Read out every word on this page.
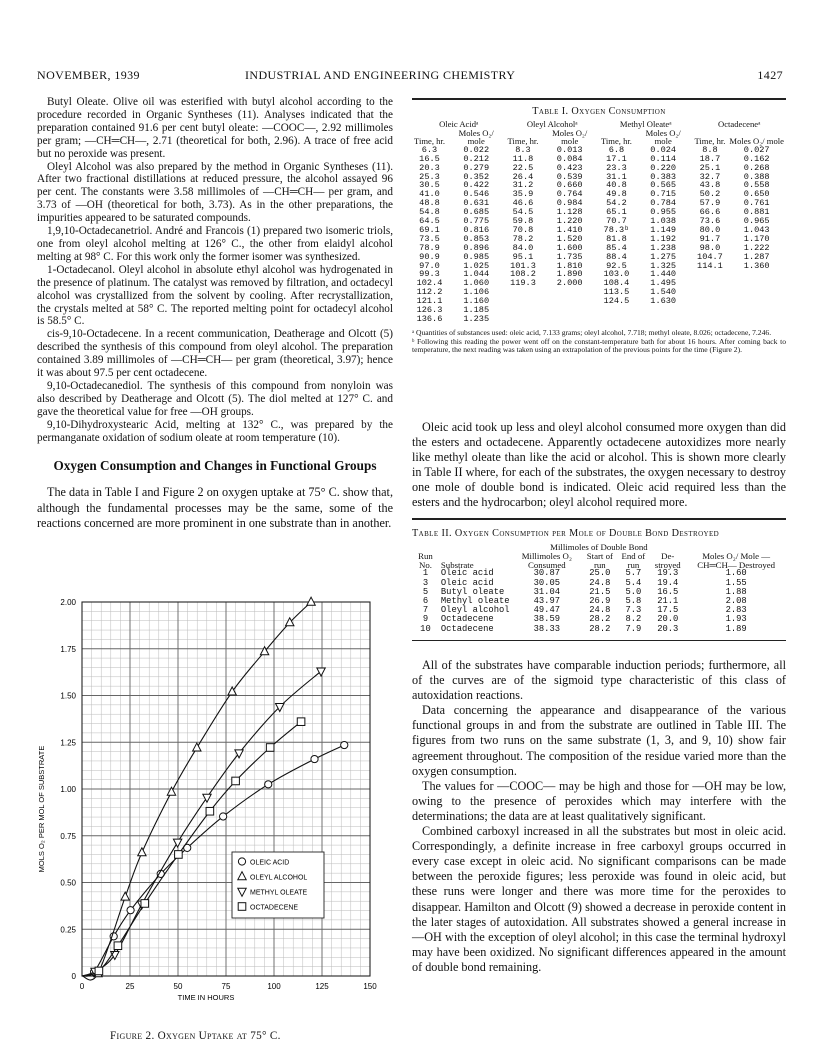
NOVEMBER, 1939	INDUSTRIAL AND ENGINEERING CHEMISTRY	1427

Butyl Oleate. Olive oil was esterified with butyl alcohol according to the procedure recorded in Organic Syntheses (11). Analyses indicated that the preparation contained 91.6 per cent butyl oleate: —COOC—, 2.92 millimoles per gram; —CH═CH—, 2.71 (theoretical for both, 2.96). A trace of free acid but no peroxide was present.

Oleyl Alcohol was also prepared by the method in Organic Syntheses (11). After two fractional distillations at reduced pressure, the alcohol assayed 96 per cent. The constants were 3.58 millimoles of —CH═CH— per gram, and 3.73 of —OH (theoretical for both, 3.73). As in the other preparations, the impurities appeared to be saturated compounds.

1,9,10-Octadecanetriol. André and Francois (1) prepared two isomeric triols, one from oleyl alcohol melting at 126° C., the other from elaidyl alcohol melting at 98° C. For this work only the former isomer was synthesized.

1-Octadecanol. Oleyl alcohol in absolute ethyl alcohol was hydrogenated in the presence of platinum. The catalyst was removed by filtration, and octadecyl alcohol was crystallized from the solvent by cooling. After recrystallization, the crystals melted at 58° C. The reported melting point for octadecyl alcohol is 58.5° C.

cis-9,10-Octadecene. In a recent communication, Deatherage and Olcott (5) described the synthesis of this compound from oleyl alcohol. The preparation contained 3.89 millimoles of —CH═CH— per gram (theoretical, 3.97); hence it was about 97.5 per cent octadecene.

9,10-Octadecanediol. The synthesis of this compound from nonyloin was also described by Deatherage and Olcott (5). The diol melted at 127° C. and gave the theoretical value for free —OH groups.

9,10-Dihydroxystearic Acid, melting at 132° C., was prepared by the permanganate oxidation of sodium oleate at room temperature (10).

Oxygen Consumption and Changes in Functional Groups

The data in Table I and Figure 2 on oxygen uptake at 75° C. show that, although the fundamental processes may be the same, some of the reactions concerned are more prominent in one substrate than in another.

Table I. Oxygen Consumption
Oleic Acidᵃ		Oleyl Alcoholᵃ		Methyl Oleateᵃ		Octadeceneᵃ	
Time, hr.	Moles O₂/ mole	Time, hr.	Moles O₂/ mole	Time, hr.	Moles O₂/ mole	Time, hr.	Moles O₂/ mole
6.3	0.022	8.3	0.013	6.8	0.024	8.8	0.027
16.5	0.212	11.8	0.084	17.1	0.114	18.7	0.162
20.3	0.279	22.5	0.423	23.3	0.220	25.1	0.268
25.3	0.352	26.4	0.539	31.1	0.383	32.7	0.388
30.5	0.422	31.2	0.660	40.8	0.565	43.8	0.558
41.0	0.546	35.9	0.764	49.8	0.715	50.2	0.650
48.8	0.631	46.6	0.984	54.2	0.784	57.9	0.761
54.8	0.685	54.5	1.128	65.1	0.955	66.6	0.881
64.5	0.775	59.8	1.220	70.7	1.038	73.6	0.965
69.1	0.816	70.8	1.410	78.3ᵇ	1.149	80.0	1.043
73.5	0.853	78.2	1.520	81.8	1.192	91.7	1.170
78.9	0.896	84.0	1.600	85.4	1.238	98.0	1.222
90.9	0.985	95.1	1.735	88.4	1.275	104.7	1.287
97.0	1.025	101.3	1.810	92.5	1.325	114.1	1.360
99.3	1.044	108.2	1.890	103.0	1.440		
102.4	1.060	119.3	2.000	108.4	1.495		
112.2	1.106			113.5	1.540		
121.1	1.160			124.5	1.630		
126.3	1.185						
136.6	1.235						

ᵃ Quantities of substances used: oleic acid, 7.133 grams; oleyl alcohol, 7.718; methyl oleate, 8.026; octadecene, 7.246.

ᵇ Following this reading the power went off on the constant-temperature bath for about 16 hours. After coming back to temperature, the next reading was taken using an extrapolation of the previous points for the time (Figure 2).

Oleic acid took up less and oleyl alcohol consumed more oxygen than did the esters and octadecene. Apparently octadecene autoxidizes more nearly like methyl oleate than like the acid or alcohol. This is shown more clearly in Table II where, for each of the substrates, the oxygen necessary to destroy one mole of double bond is indicated. Oleic acid required less than the esters and the hydrocarbon; oleyl alcohol required more.

Table II. Oxygen Consumption per Mole of Double Bond Destroyed
		Millimoles of Double Bond				
Run No.	Substrate	Millimoles O₂ Consumed	Start of run	End of run	De-stroyed	Moles O₂/ Mole —CH═CH— Destroyed
1	Oleic acid	30.87	25.0	5.7	19.3	1.60
3	Oleic acid	30.05	24.8	5.4	19.4	1.55
5	Butyl oleate	31.04	21.5	5.0	16.5	1.88
6	Methyl oleate	43.97	26.9	5.8	21.1	2.08
7	Oleyl alcohol	49.47	24.8	7.3	17.5	2.83
9	Octadecene	38.59	28.2	8.2	20.0	1.93
10	Octadecene	38.33	28.2	7.9	20.3	1.89

All of the substrates have comparable induction periods; furthermore, all of the curves are of the sigmoid type characteristic of this class of autoxidation reactions.

Data concerning the appearance and disappearance of the various functional groups in and from the substrate are outlined in Table III. The figures from two runs on the same substrate (1, 3, and 9, 10) show fair agreement throughout. The composition of the residue varied more than the oxygen consumption.

The values for —COOC— may be high and those for —OH may be low, owing to the presence of peroxides which may interfere with the determinations; the data are at least qualitatively significant.

Combined carboxyl increased in all the substrates but most in oleic acid. Correspondingly, a definite increase in free carboxyl groups occurred in every case except in oleic acid. No significant comparisons can be made between the peroxide figures; less peroxide was found in oleic acid, but these runs were longer and there was more time for the peroxides to disappear. Hamilton and Olcott (9) showed a decrease in peroxide content in the later stages of autoxidation. All substrates showed a general increase in —OH with the exception of oleyl alcohol; in this case the terminal hydroxyl may have been oxidized. No significant differences appeared in the amount of double bond remaining.

0
0.25
0.50
0.75
1.00
1.25
1.50
1.75
2.00
0	25	50	75	100	125	150
TIME IN HOURS
MOLS O₂ PER MOL OF SUBSTRATE	OLEIC ACID
OLEYL ALCOHOL
METHYL OLEATE
OCTADECENE
Figure 2. Oxygen Uptake at 75° C.
